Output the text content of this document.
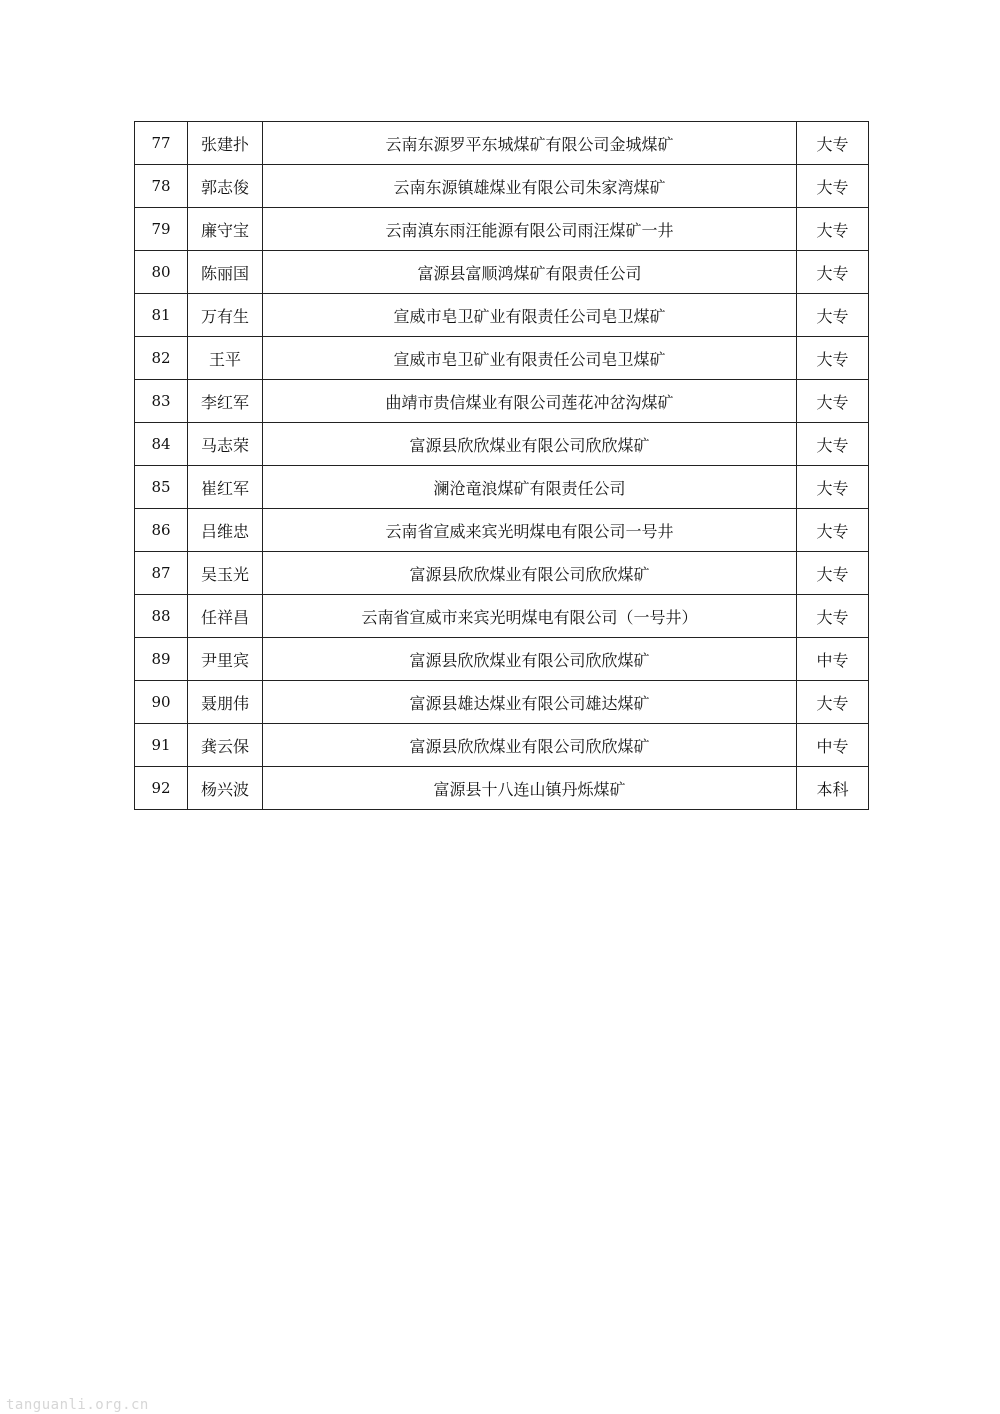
77	张建扑	云南东源罗平东城煤矿有限公司金城煤矿	大专
78	郭志俊	云南东源镇雄煤业有限公司朱家湾煤矿	大专
79	廉守宝	云南滇东雨汪能源有限公司雨汪煤矿一井	大专
80	陈丽国	富源县富顺鸿煤矿有限责任公司	大专
81	万有生	宣威市皂卫矿业有限责任公司皂卫煤矿	大专
82	王平	宣威市皂卫矿业有限责任公司皂卫煤矿	大专
83	李红军	曲靖市贵信煤业有限公司莲花冲岔沟煤矿	大专
84	马志荣	富源县欣欣煤业有限公司欣欣煤矿	大专
85	崔红军	澜沧竜浪煤矿有限责任公司	大专
86	吕维忠	云南省宣威来宾光明煤电有限公司一号井	大专
87	吴玉光	富源县欣欣煤业有限公司欣欣煤矿	大专
88	任祥昌	云南省宣威市来宾光明煤电有限公司（一号井）	大专
89	尹里宾	富源县欣欣煤业有限公司欣欣煤矿	中专
90	聂朋伟	富源县雄达煤业有限公司雄达煤矿	大专
91	龚云保	富源县欣欣煤业有限公司欣欣煤矿	中专
92	杨兴波	富源县十八连山镇丹烁煤矿	本科
tanguanli.org.cn
